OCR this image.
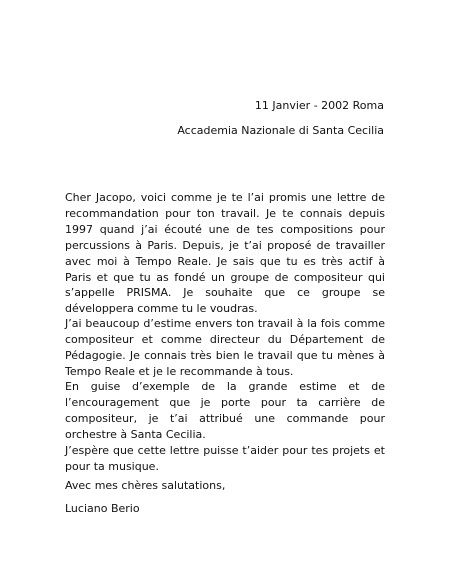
11 Janvier - 2002 Roma
Accademia Nazionale di Santa Cecilia

Cher Jacopo, voici comme je te l’ai promis une lettre de recommandation pour ton travail. Je te connais depuis 1997 quand j’ai écouté une de tes compositions pour percussions à Paris. Depuis, je t’ai proposé de travailler avec moi à Tempo Reale. Je sais que tu es très actif à Paris et que tu as fondé un groupe de compositeur qui s’appelle PRISMA. Je souhaite que ce groupe se développera comme tu le voudras.

J’ai beaucoup d’estime envers ton travail à la fois comme compositeur et comme directeur du Département de Pédagogie. Je connais très bien le travail que tu mènes à Tempo Reale et je le recommande à tous.

En guise d’exemple de la grande estime et de l’encouragement que je porte pour ta carrière de compositeur, je t’ai attribué une commande pour orchestre à Santa Cecilia.

J’espère que cette lettre puisse t’aider pour tes projets et pour ta musique.

Avec mes chères salutations,
Luciano Berio
